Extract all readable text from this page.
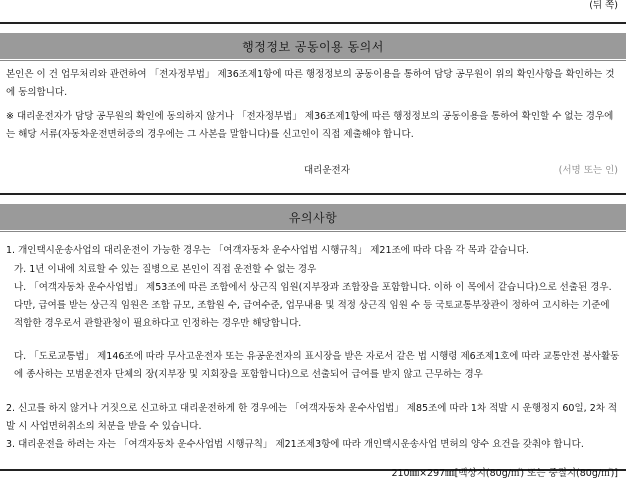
(뒤 쪽)
행정정보 공동이용 동의서

본인은 이 건 업무처리와 관련하여 「전자정부법」 제36조제1항에 따른 행정정보의 공동이용을 통하여 담당 공무원이 위의 확인사항을 확인하는 것에 동의합니다.

※ 대리운전자가 담당 공무원의 확인에 동의하지 않거나 「전자정부법」 제36조제1항에 따른 행정정보의 공동이용을 통하여 확인할 수 없는 경우에는 해당 서류(자동차운전면허증의 경우에는 그 사본을 말합니다)를 신고인이 직접 제출해야 합니다.

대리운전자	(서명 또는 인)
유의사항

1. 개인택시운송사업의 대리운전이 가능한 경우는 「여객자동차 운수사업법 시행규칙」 제21조에 따라 다음 각 목과 같습니다.

가. 1년 이내에 치료할 수 있는 질병으로 본인이 직접 운전할 수 없는 경우

나. 「여객자동차 운수사업법」 제53조에 따른 조합에서 상근직 임원(지부장과 조합장을 포함합니다. 이하 이 목에서 같습니다)으로 선출된 경우. 다만, 급여를 받는 상근직 임원은 조합 규모, 조합원 수, 급여수준, 업무내용 및 적정 상근직 임원 수 등 국토교통부장관이 정하여 고시하는 기준에 적합한 경우로서 관할관청이 필요하다고 인정하는 경우만 해당합니다.

다. 「도로교통법」 제146조에 따라 무사고운전자 또는 유공운전자의 표시장을 받은 자로서 같은 법 시행령 제6조제1호에 따라 교통안전 봉사활동에 종사하는 모범운전자 단체의 장(지부장 및 지회장을 포함합니다)으로 선출되어 급여를 받지 않고 근무하는 경우

2. 신고를 하지 않거나 거짓으로 신고하고 대리운전하게 한 경우에는 「여객자동차 운수사업법」 제85조에 따라 1차 적발 시 운행정지 60일, 2차 적발 시 사업면허취소의 처분을 받을 수 있습니다.

3. 대리운전을 하려는 자는 「여객자동차 운수사업법 시행규칙」 제21조제3항에 따라 개인택시운송사업 면허의 양수 요건을 갖춰야 합니다.

210㎜×297㎜[백상지(80g/㎡) 또는 중질지(80g/㎡)]
